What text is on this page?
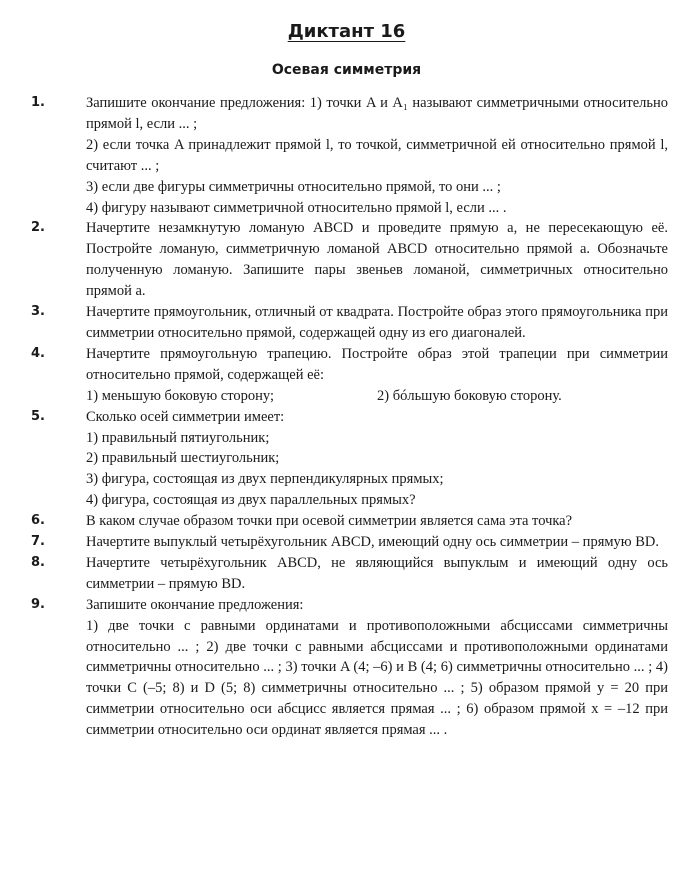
Диктант 16
Осевая симметрия
1.	Запишите окончание предложения: 1) точки A и A₁ называют симметричными относительно прямой l, если ... ;
2) если точка A принадлежит прямой l, то точкой, симметричной ей относительно прямой l, считают ... ;
3) если две фигуры симметричны относительно прямой, то они ... ;
4) фигуру называют симметричной относительно прямой l, если ... .
2.	Начертите незамкнутую ломаную ABCD и проведите прямую a, не пересекающую её. Постройте ломаную, симметричную ломаной ABCD относительно прямой a. Обозначьте полученную ломаную. Запишите пары звеньев ломаной, симметричных относительно прямой a.
3.	Начертите прямоугольник, отличный от квадрата. Постройте образ этого прямоугольника при симметрии относительно прямой, содержащей одну из его диагоналей.
4.	Начертите прямоугольную трапецию. Постройте образ этой трапеции при симметрии относительно прямой, содержащей её:
1) меньшую боковую сторону;	2) бóльшую боковую сторону.
5.	Сколько осей симметрии имеет:
1) правильный пятиугольник;
2) правильный шестиугольник;
3) фигура, состоящая из двух перпендикулярных прямых;
4) фигура, состоящая из двух параллельных прямых?
6.	В каком случае образом точки при осевой симметрии является сама эта точка?
7.	Начертите выпуклый четырёхугольник ABCD, имеющий одну ось симметрии – прямую BD.
8.	Начертите четырёхугольник ABCD, не являющийся выпуклым и имеющий одну ось симметрии – прямую BD.
9.	Запишите окончание предложения:
1) две точки с равными ординатами и противоположными абсциссами симметричны относительно ... ; 2) две точки с равными абсциссами и противоположными ординатами симметричны относительно ... ; 3) точки A (4; –6) и B (4; 6) симметричны относительно ... ; 4) точки C (–5; 8) и D (5; 8) симметричны относительно ... ; 5) образом прямой y = 20 при симметрии относительно оси абсцисс является прямая ... ; 6) образом прямой x = –12 при симметрии относительно оси ординат является прямая ... .
